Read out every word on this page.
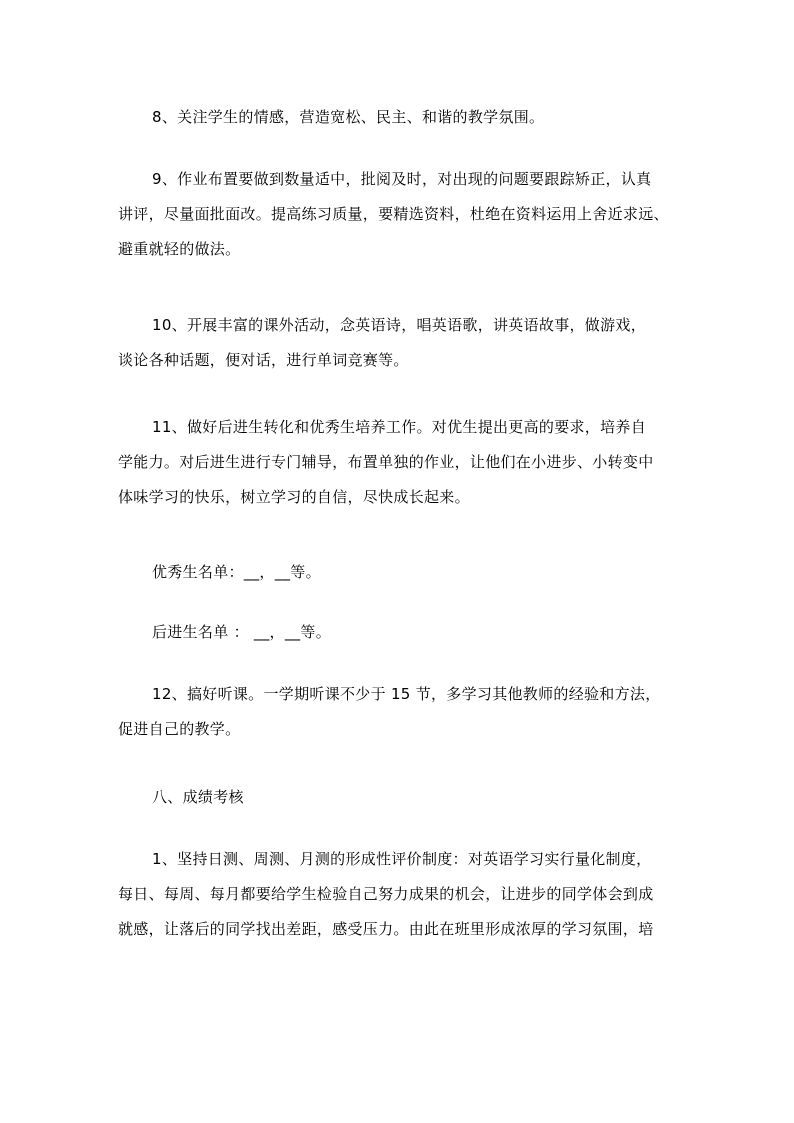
8、关注学生的情感，营造宽松、民主、和谐的教学氛围。

9、作业布置要做到数量适中，批阅及时，对出现的问题要跟踪矫正，认真
讲评，尽量面批面改。提高练习质量，要精选资料，杜绝在资料运用上舍近求远、
避重就轻的做法。

10、开展丰富的课外活动，念英语诗，唱英语歌，讲英语故事，做游戏，
谈论各种话题，便对话，进行单词竞赛等。

11、做好后进生转化和优秀生培养工作。对优生提出更高的要求，培养自
学能力。对后进生进行专门辅导，布置单独的作业，让他们在小进步、小转变中
体味学习的快乐，树立学习的自信，尽快成长起来。

优秀生名单：__，__等。

后进生名单 ： __，__等。

12、搞好听课。一学期听课不少于 15 节，多学习其他教师的经验和方法，
促进自己的教学。

八、成绩考核

1、坚持日测、周测、月测的形成性评价制度：对英语学习实行量化制度，
每日、每周、每月都要给学生检验自己努力成果的机会，让进步的同学体会到成
就感，让落后的同学找出差距，感受压力。由此在班里形成浓厚的学习氛围，培
